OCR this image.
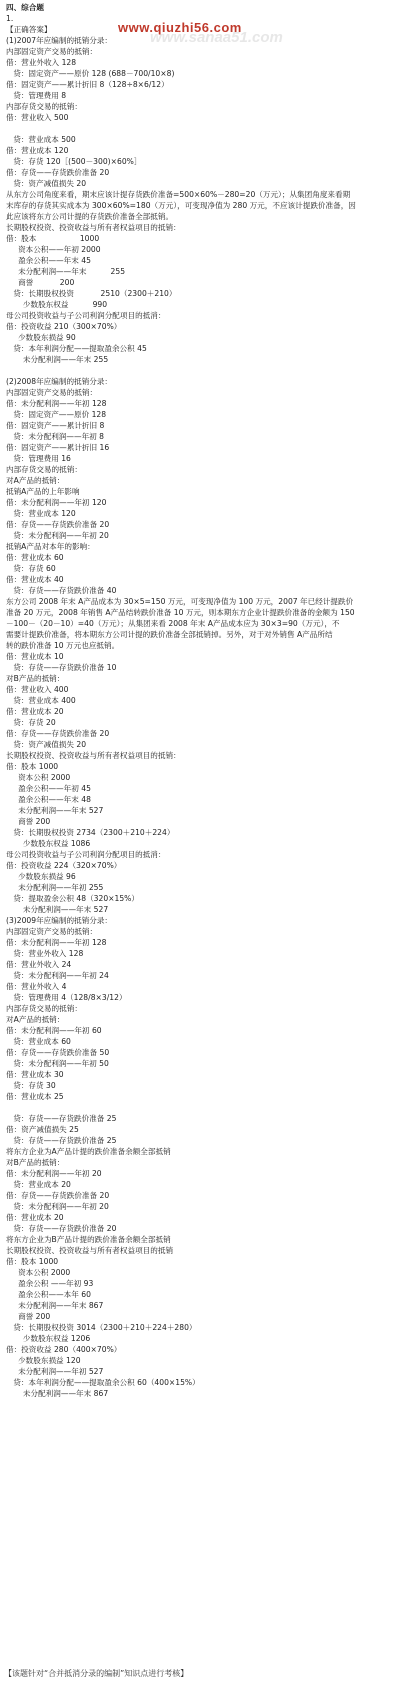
www.sanaa51.com
www.qiuzhi56.com
四、综合题
1.
【正确答案】
(1)2007年应编制的抵销分录：
内部固定资产交易的抵销：
借：营业外收入 128
贷：固定资产——原价 128 (688－700/10×8)
借：固定资产——累计折旧 8（128÷8×6/12）
贷：管理费用 8
内部存货交易的抵销：
借：营业收入 500
贷：营业成本 500
借：营业成本 120
贷：存货 120［(500－300)×60%］
借：存货——存货跌价准备 20
贷：资产减值损失 20
从东方公司角度来看，期末应该计提存货跌价准备=500×60%－280=20（万元）；从集团角度来看期
末库存的存货其实成本为 300×60%=180（万元），可变现净值为 280 万元，不应该计提跌价准备，因
此应该将东方公司计提的存货跌价准备全部抵销。
长期股权投资、投资收益与所有者权益项目的抵销：
借：股本                  1000
资本公积——年初 2000
盈余公积——年末 45
未分配利润——年末          255
商誉           200
贷：长期股权投资           2510（2300＋210）
少数股东权益          990
母公司投资收益与子公司利润分配项目的抵消：
借：投资收益 210（300×70%）
少数股东损益 90
贷：本年利润分配——提取盈余公积 45
未分配利润——年末 255
(2)2008年应编制的抵销分录：
内部固定资产交易的抵销：
借：未分配利润——年初 128
贷：固定资产——原价 128
借：固定资产——累计折旧 8
贷：未分配利润——年初 8
借：固定资产——累计折旧 16
贷：管理费用 16
内部存货交易的抵销：
对A产品的抵销：
抵销A产品的上年影响
借：未分配利润——年初 120
贷：营业成本 120
借：存货——存货跌价准备 20
贷：未分配利润——年初 20
抵销A产品对本年的影响：
借：营业成本 60
贷：存货 60
借：营业成本 40
贷：存货——存货跌价准备 40
东方公司 2008 年末 A产品成本为 30×5=150 万元，可变现净值为 100 万元，2007 年已经计提跌价
准备 20 万元，2008 年销售 A产品结转跌价准备 10 万元，则本期东方企业计提跌价准备的金额为 150
－100－（20－10）=40（万元）；从集团来看 2008 年末 A产品成本应为 30×3=90（万元），不
需要计提跌价准备，将本期东方公司计提的跌价准备全部抵销掉。另外，对于对外销售 A产品所结
转的跌价准备 10 万元也应抵销。
借：营业成本 10
贷：存货——存货跌价准备 10
对B产品的抵销：
借：营业收入 400
贷：营业成本 400
借：营业成本 20
贷：存货 20
借：存货——存货跌价准备 20
贷：资产减值损失 20
长期股权投资、投资收益与所有者权益项目的抵销：
借：股本 1000
资本公积 2000
盈余公积——年初 45
盈余公积——年末 48
未分配利润——年末 527
商誉 200
贷：长期股权投资 2734（2300＋210＋224）
少数股东权益 1086
母公司投资收益与子公司利润分配项目的抵消：
借：投资收益 224（320×70%）
少数股东损益 96
未分配利润——年初 255
贷：提取盈余公积 48（320×15%）
未分配利润——年末 527
(3)2009年应编制的抵销分录：
内部固定资产交易的抵销：
借：未分配利润——年初 128
贷：营业外收入 128
借：营业外收入 24
贷：未分配利润——年初 24
借：营业外收入 4
贷：管理费用 4（128/8×3/12）
内部存货交易的抵销：
对A产品的抵销：
借：未分配利润——年初 60
贷：营业成本 60
借：存货——存货跌价准备 50
贷：未分配利润——年初 50
借：营业成本 30
贷：存货 30
借：营业成本 25
贷：存货——存货跌价准备 25
借：资产减值损失 25
贷：存货——存货跌价准备 25
将东方企业为A产品计提的跌价准备余额全部抵销
对B产品的抵销：
借：未分配利润——年初 20
贷：营业成本 20
借：存货——存货跌价准备 20
贷：未分配利润——年初 20
借：营业成本 20
贷：存货——存货跌价准备 20
将东方企业为B产品计提的跌价准备余额全部抵销
长期股权投资、投资收益与所有者权益项目的抵销
借：股本 1000
资本公积 2000
盈余公积 ——年初 93
盈余公积——本年 60
未分配利润——年末 867
商誉 200
贷：长期股权投资 3014（2300＋210＋224＋280）
少数股东权益 1206
借：投资收益 280（400×70%）
少数股东损益 120
未分配利润——年初 527
贷：本年利润分配——提取盈余公积 60（400×15%）
未分配利润——年末 867
【该题针对“合并抵消分录的编制”知识点进行考核】
